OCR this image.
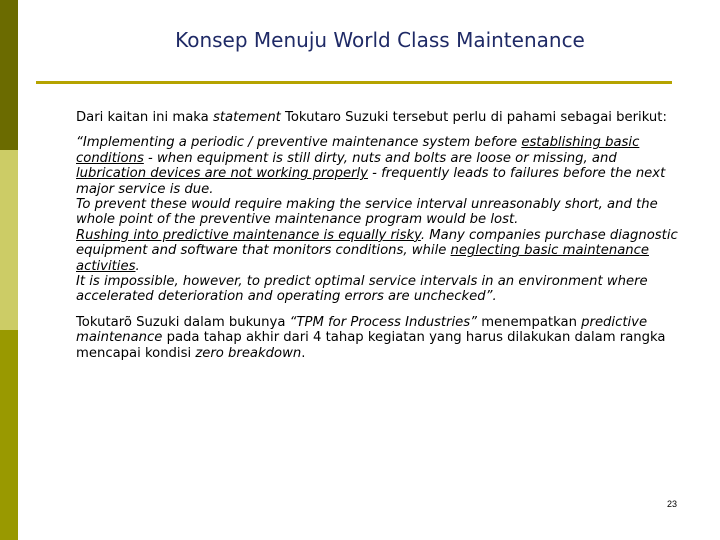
Konsep Menuju World Class Maintenance

Dari kaitan ini maka statement Tokutaro Suzuki tersebut perlu di pahami sebagai berikut:

“Implementing a periodic / preventive maintenance system before establishing basic conditions - when equipment is still dirty, nuts and bolts are loose or missing, and lubrication devices are not working properly - frequently leads to failures before the next major service is due.
To prevent these would require making the service interval unreasonably short, and the whole point of the preventive maintenance program would be lost.
Rushing into predictive maintenance is equally risky. Many companies purchase diagnostic equipment and software that monitors conditions, while neglecting basic maintenance activities.
It is impossible, however, to predict optimal service intervals in an environment where accelerated deterioration and operating errors are unchecked”.

Tokutarõ Suzuki dalam bukunya “TPM for Process Industries” menempatkan predictive maintenance pada tahap akhir dari 4 tahap kegiatan yang harus dilakukan dalam rangka mencapai kondisi zero breakdown.

23
